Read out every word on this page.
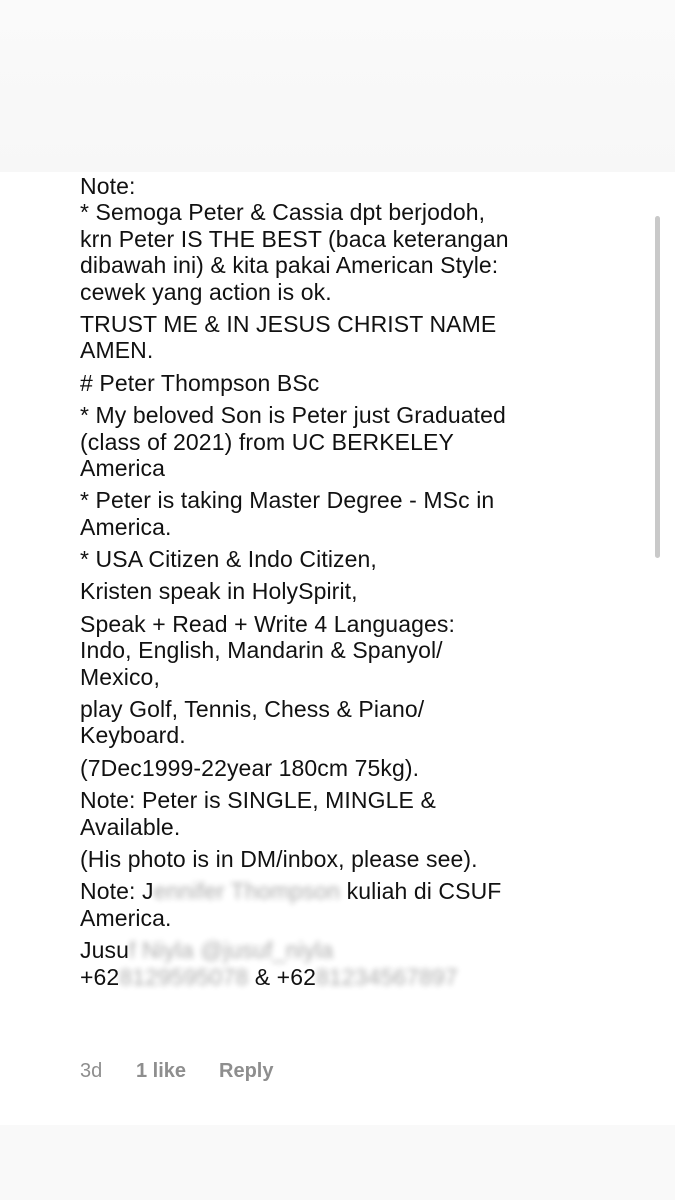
Note:
* Semoga Peter & Cassia dpt berjodoh,
krn Peter IS THE BEST (baca keterangan
dibawah ini) & kita pakai American Style:
cewek yang action is ok.
TRUST ME & IN JESUS CHRIST NAME
AMEN.
# Peter Thompson BSc
* My beloved Son is Peter just Graduated
(class of 2021) from UC BERKELEY
America
* Peter is taking Master Degree - MSc in
America.
* USA Citizen & Indo Citizen,
Kristen speak in HolySpirit,
Speak + Read + Write 4 Languages:
Indo, English, Mandarin & Spanyol/
Mexico,
play Golf, Tennis, Chess & Piano/
Keyboard.
(7Dec1999-22year 180cm 75kg).
Note: Peter is SINGLE, MINGLE &
Available.
(His photo is in DM/inbox, please see).
Note: Jennifer Thompson kuliah di CSUF
America.
Jusuf Niyla @jusuf_niyla
+628129595078 & +6281234567897
3d	1 like	Reply
